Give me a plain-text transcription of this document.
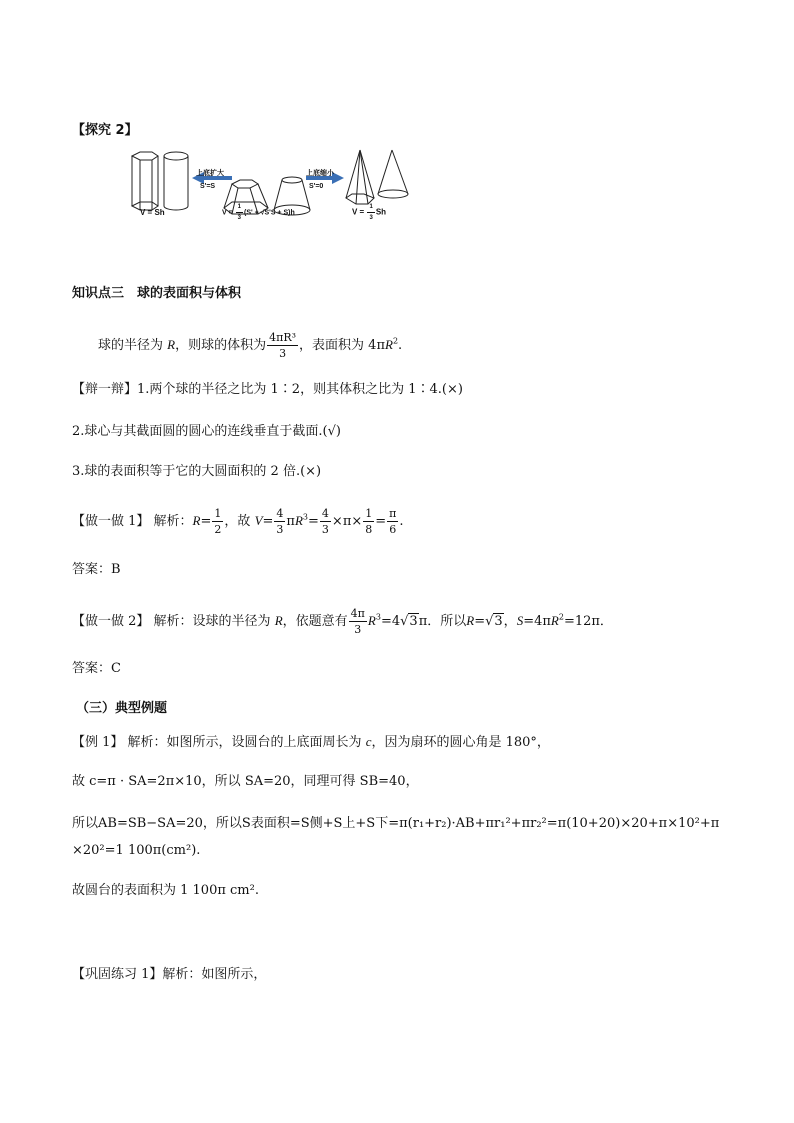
【探究 2】
上底扩大
S'=S
上底缩小
S'=0
V = Sh	$V = \frac{1}{3} (S' + √S'S + S)h$	$V = \frac{1}{3}$ Sh
知识点三　球的表面积与体积
球的半径为 R，则球的体积为 $\frac{\text{4πR³}}{3}$ ，表面积为 $4\pi R^2$.
【辩一辩】1.两个球的半径之比为 1∶2，则其体积之比为 1∶4.(×)
2.球心与其截面圆的圆心的连线垂直于截面.(√)
3.球的表面积等于它的大圆面积的 2 倍.(×)
【做一做 1】 解析：$R= \frac{1}{2}$ ，故 $V= \frac{4}{3} \pi R^3= \frac{4}{3} \times\pi\times \frac{1}{8} = \frac{\pi}{6}$ .
答案：B
【做一做 2】 解析：设球的半径为 R，依题意有 $\frac{4\pi}{3} R^3=4√3\pi$．所以R=√3，$S=4\pi R^2=12\pi$．
答案：C
（三）典型例题
【例 1】 解析：如图所示，设圆台的上底面周长为 c，因为扇环的圆心角是 180°，
故 c=π · SA=2π×10，所以 SA=20，同理可得 SB=40，
所以AB=SB−SA=20，所以S表面积=S侧+S上+S下=π(r₁+r₂)·AB+πr₁²+πr₂²=π(10+20)×20+π×10²+π
×20²=1 100π(cm²).
故圆台的表面积为 1 100π cm².
【巩固练习 1】解析：如图所示，
